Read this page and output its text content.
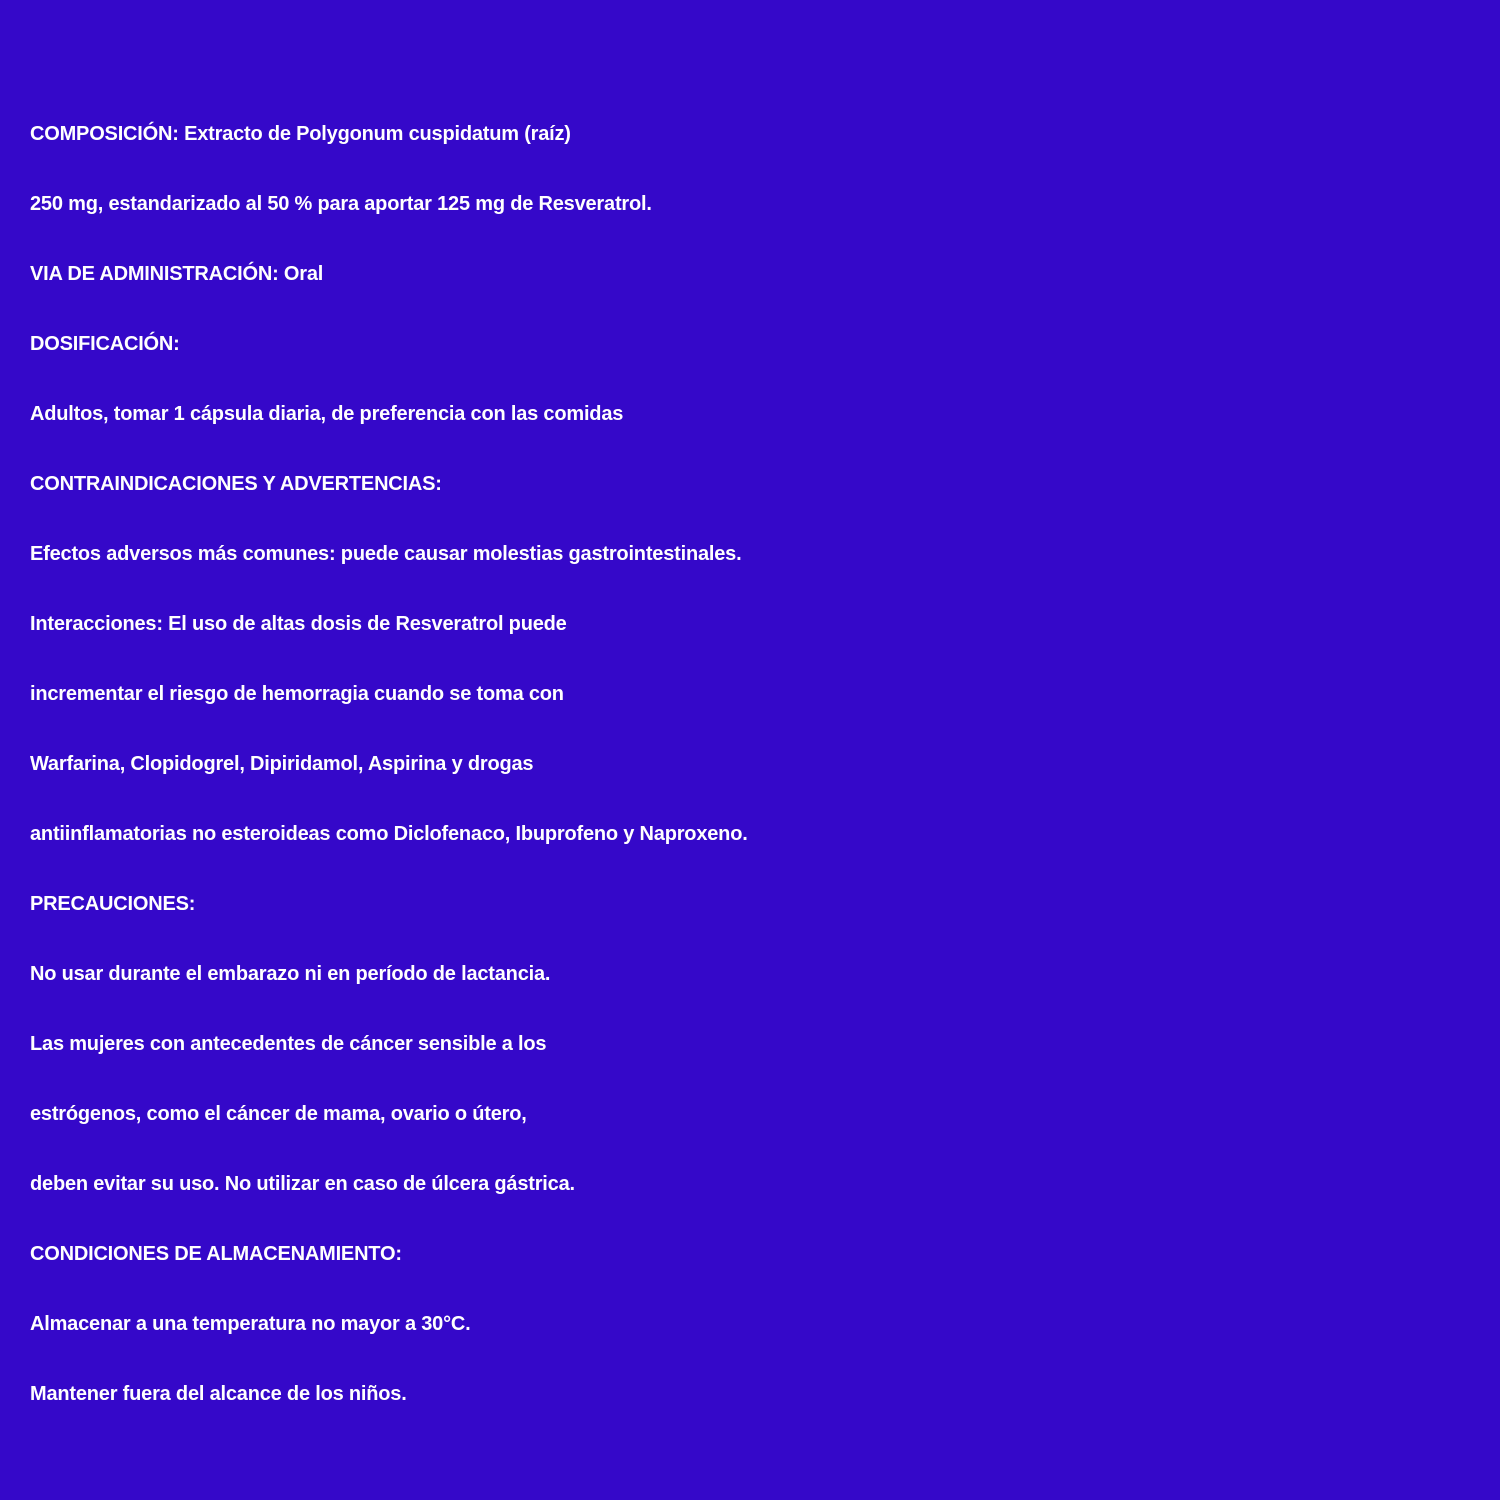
COMPOSICIÓN: Extracto de Polygonum cuspidatum (raíz)
250 mg, estandarizado al 50 % para aportar 125 mg de Resveratrol.
VIA DE ADMINISTRACIÓN: Oral
DOSIFICACIÓN:
Adultos, tomar 1 cápsula diaria, de preferencia con las comidas
CONTRAINDICACIONES Y ADVERTENCIAS:
Efectos adversos más comunes: puede causar molestias gastrointestinales.
Interacciones: El uso de altas dosis de Resveratrol puede
incrementar el riesgo de hemorragia cuando se toma con
Warfarina, Clopidogrel, Dipiridamol, Aspirina y drogas
antiinflamatorias no esteroideas como Diclofenaco, Ibuprofeno y Naproxeno.
PRECAUCIONES:
No usar durante el embarazo ni en período de lactancia.
Las mujeres con antecedentes de cáncer sensible a los
estrógenos, como el cáncer de mama, ovario o útero,
deben evitar su uso. No utilizar en caso de úlcera gástrica.
CONDICIONES DE ALMACENAMIENTO:
Almacenar a una temperatura no mayor a 30°C.
Mantener fuera del alcance de los niños.
